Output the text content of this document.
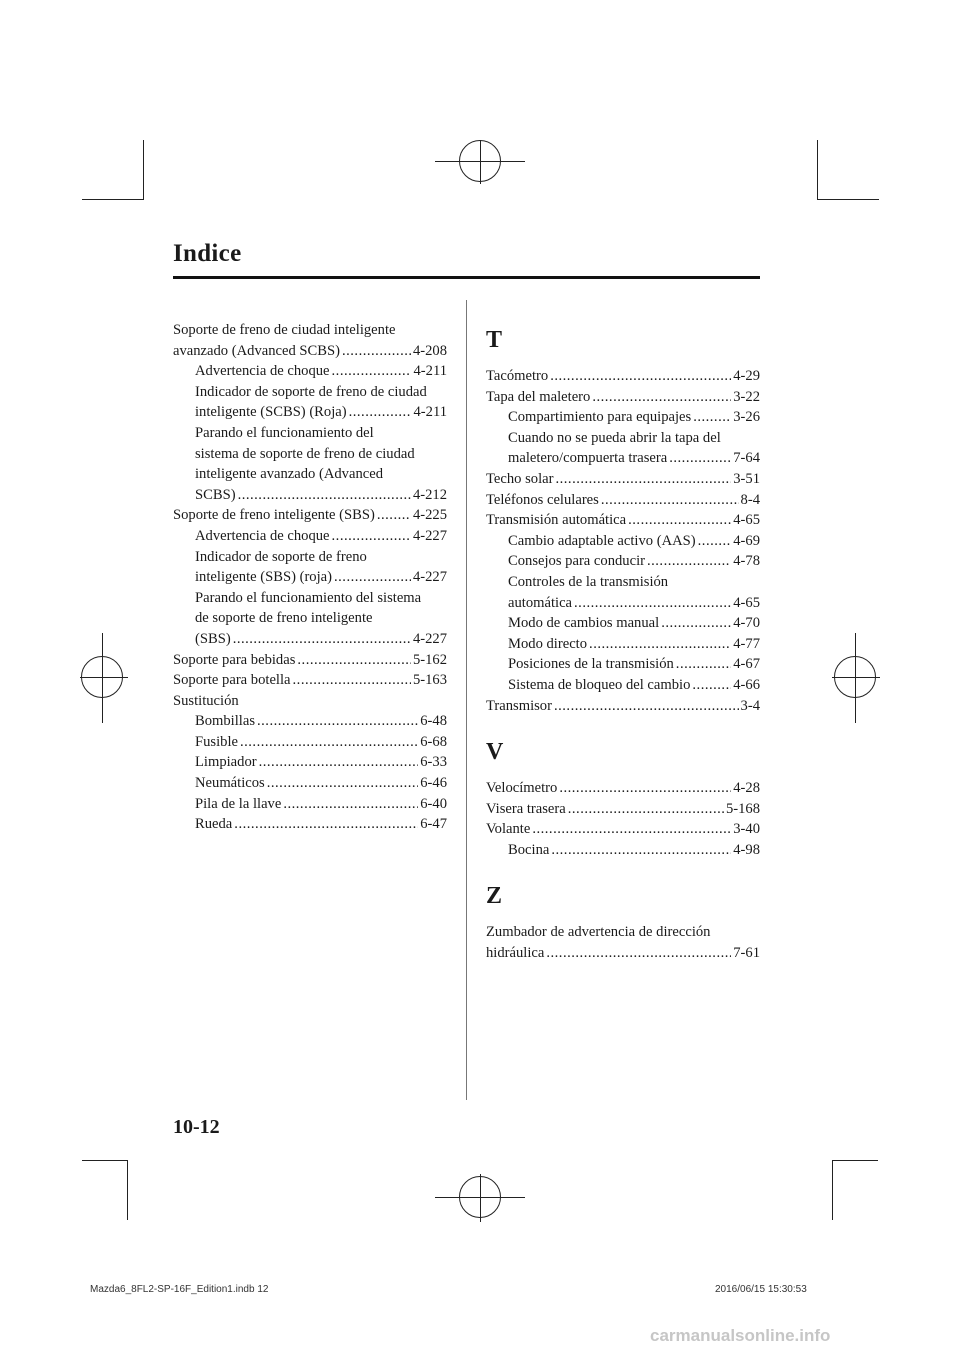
Indice
Soporte de freno de ciudad inteligente
avanzado (Advanced SCBS) .....	4-208
Advertencia de choque .....	4-211
Indicador de soporte de freno de ciudad
inteligente (SCBS) (Roja) .....	4-211
Parando el funcionamiento del
sistema de soporte de freno de ciudad
inteligente avanzado (Advanced
SCBS) .....	4-212
Soporte de freno inteligente (SBS) .....	4-225
Advertencia de choque .....	4-227
Indicador de soporte de freno
inteligente (SBS) (roja) .....	4-227
Parando el funcionamiento del sistema
de soporte de freno inteligente
(SBS) .....	4-227
Soporte para bebidas .....	5-162
Soporte para botella .....	5-163
Sustitución
Bombillas .....	6-48
Fusible .....	6-68
Limpiador .....	6-33
Neumáticos .....	6-46
Pila de la llave .....	6-40
Rueda .....	6-47
T
Tacómetro .....	4-29
Tapa del maletero .....	3-22
Compartimiento para equipajes .....	3-26
Cuando no se pueda abrir la tapa del
maletero/compuerta trasera .....	7-64
Techo solar .....	3-51
Teléfonos celulares .....	8-4
Transmisión automática .....	4-65
Cambio adaptable activo (AAS) .....	4-69
Consejos para conducir .....	4-78
Controles de la transmisión
automática .....	4-65
Modo de cambios manual .....	4-70
Modo directo .....	4-77
Posiciones de la transmisión .....	4-67
Sistema de bloqueo del cambio .....	4-66
Transmisor .....	3-4
V
Velocímetro .....	4-28
Visera trasera .....	5-168
Volante .....	3-40
Bocina .....	4-98
Z
Zumbador de advertencia de dirección
hidráulica .....	7-61
10-12
Mazda6_8FL2-SP-16F_Edition1.indb 12	2016/06/15 15:30:53
carmanualsonline.info
